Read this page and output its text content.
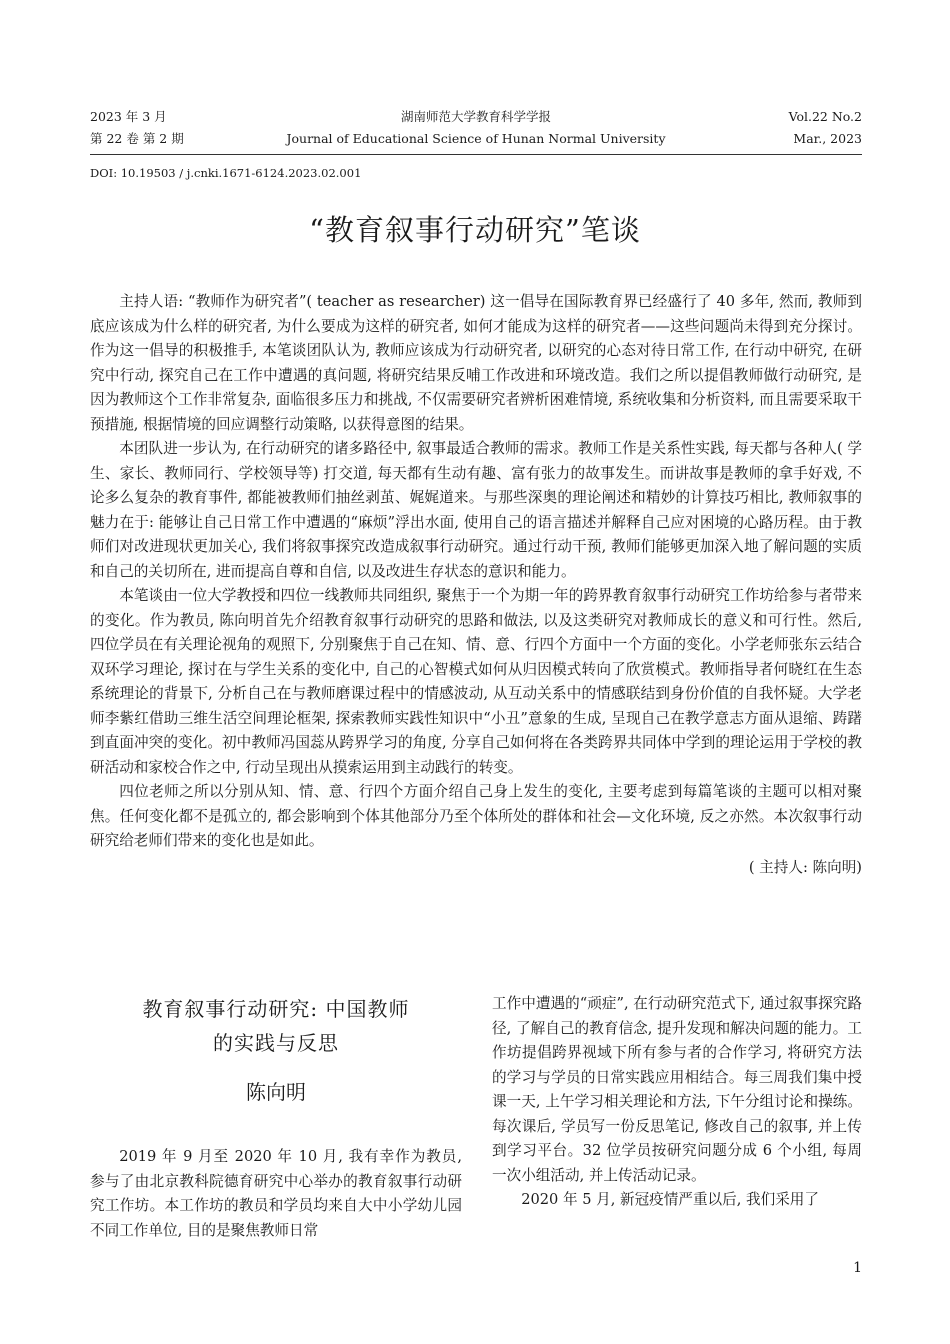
2023 年 3 月	湖南师范大学教育科学学报	Vol.22 No.2
第 22 卷 第 2 期	Journal of Educational Science of Hunan Normal University	Mar., 2023
DOI: 10.19503 / j.cnki.1671-6124.2023.02.001
“教育叙事行动研究”笔谈

主持人语: “教师作为研究者”( teacher as researcher) 这一倡导在国际教育界已经盛行了 40 多年, 然而, 教师到底应该成为什么样的研究者, 为什么要成为这样的研究者, 如何才能成为这样的研究者——这些问题尚未得到充分探讨。作为这一倡导的积极推手, 本笔谈团队认为, 教师应该成为行动研究者, 以研究的心态对待日常工作, 在行动中研究, 在研究中行动, 探究自己在工作中遭遇的真问题, 将研究结果反哺工作改进和环境改造。我们之所以提倡教师做行动研究, 是因为教师这个工作非常复杂, 面临很多压力和挑战, 不仅需要研究者辨析困难情境, 系统收集和分析资料, 而且需要采取干预措施, 根据情境的回应调整行动策略, 以获得意图的结果。

本团队进一步认为, 在行动研究的诸多路径中, 叙事最适合教师的需求。教师工作是关系性实践, 每天都与各种人( 学生、家长、教师同行、学校领导等) 打交道, 每天都有生动有趣、富有张力的故事发生。而讲故事是教师的拿手好戏, 不论多么复杂的教育事件, 都能被教师们抽丝剥茧、娓娓道来。与那些深奥的理论阐述和精妙的计算技巧相比, 教师叙事的魅力在于: 能够让自己日常工作中遭遇的“麻烦”浮出水面, 使用自己的语言描述并解释自己应对困境的心路历程。由于教师们对改进现状更加关心, 我们将叙事探究改造成叙事行动研究。通过行动干预, 教师们能够更加深入地了解问题的实质和自己的关切所在, 进而提高自尊和自信, 以及改进生存状态的意识和能力。

本笔谈由一位大学教授和四位一线教师共同组织, 聚焦于一个为期一年的跨界教育叙事行动研究工作坊给参与者带来的变化。作为教员, 陈向明首先介绍教育叙事行动研究的思路和做法, 以及这类研究对教师成长的意义和可行性。然后, 四位学员在有关理论视角的观照下, 分别聚焦于自己在知、情、意、行四个方面中一个方面的变化。小学老师张东云结合双环学习理论, 探讨在与学生关系的变化中, 自己的心智模式如何从归因模式转向了欣赏模式。教师指导者何晓红在生态系统理论的背景下, 分析自己在与教师磨课过程中的情感波动, 从互动关系中的情感联结到身份价值的自我怀疑。大学老师李紫红借助三维生活空间理论框架, 探索教师实践性知识中“小丑”意象的生成, 呈现自己在教学意志方面从退缩、踌躇到直面冲突的变化。初中教师冯国蕊从跨界学习的角度, 分享自己如何将在各类跨界共同体中学到的理论运用于学校的教研活动和家校合作之中, 行动呈现出从摸索运用到主动践行的转变。

四位老师之所以分别从知、情、意、行四个方面介绍自己身上发生的变化, 主要考虑到每篇笔谈的主题可以相对聚焦。任何变化都不是孤立的, 都会影响到个体其他部分乃至个体所处的群体和社会—文化环境, 反之亦然。本次叙事行动研究给老师们带来的变化也是如此。

( 主持人: 陈向明)
教育叙事行动研究: 中国教师
的实践与反思
陈向明

2019 年 9 月至 2020 年 10 月, 我有幸作为教员, 参与了由北京教科院德育研究中心举办的教育叙事行动研究工作坊。本工作坊的教员和学员均来自大中小学幼儿园不同工作单位, 目的是聚焦教师日常

工作中遭遇的“顽症”, 在行动研究范式下, 通过叙事探究路径, 了解自己的教育信念, 提升发现和解决问题的能力。工作坊提倡跨界视域下所有参与者的合作学习, 将研究方法的学习与学员的日常实践应用相结合。每三周我们集中授课一天, 上午学习相关理论和方法, 下午分组讨论和操练。每次课后, 学员写一份反思笔记, 修改自己的叙事, 并上传到学习平台。32 位学员按研究问题分成 6 个小组, 每周一次小组活动, 并上传活动记录。

2020 年 5 月, 新冠疫情严重以后, 我们采用了

1
